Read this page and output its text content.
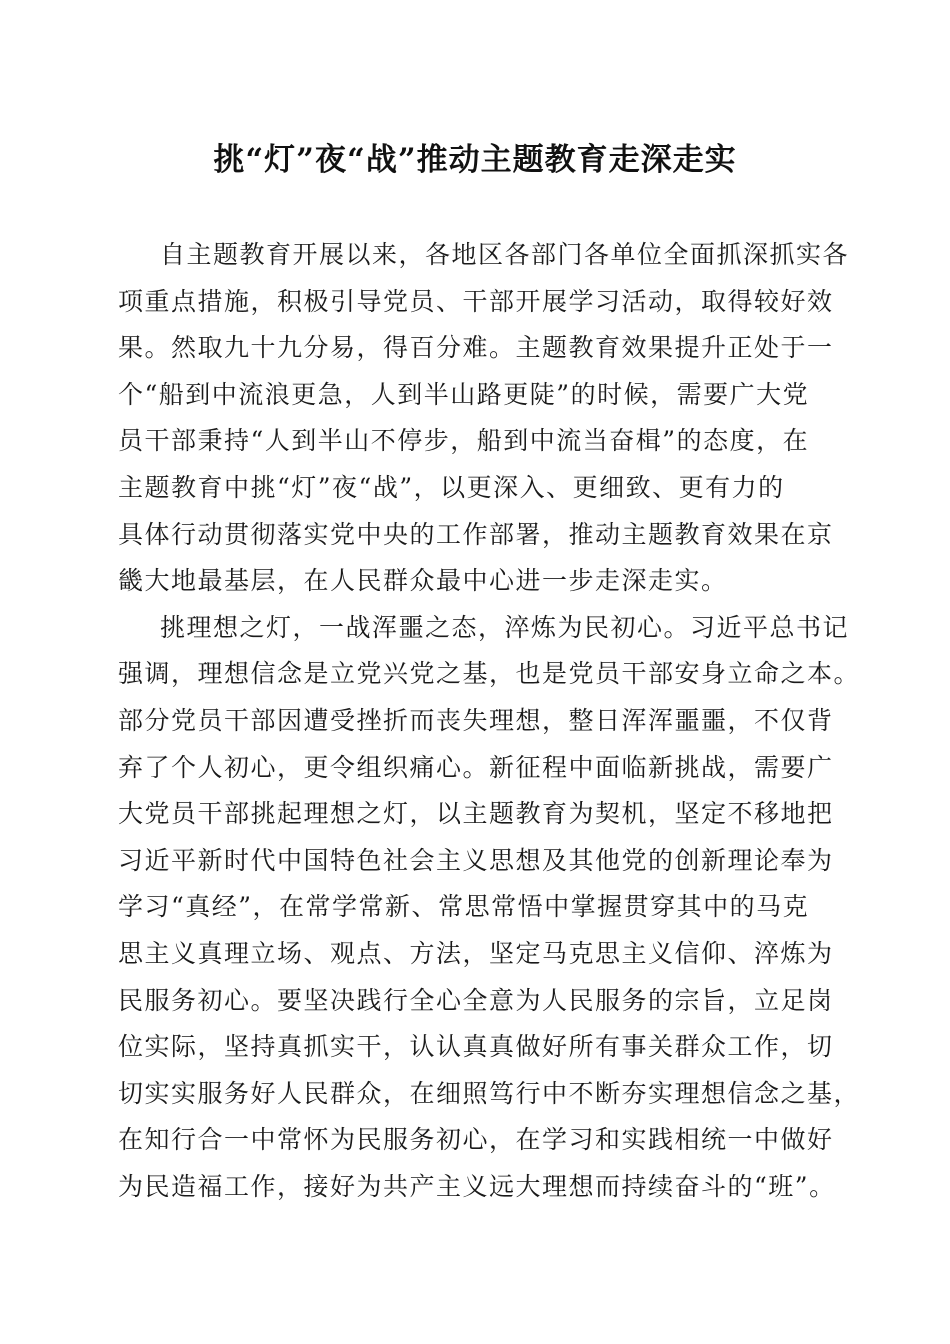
挑“灯”夜“战”推动主题教育走深走实
自主题教育开展以来，各地区各部门各单位全面抓深抓实各
项重点措施，积极引导党员、干部开展学习活动，取得较好效
果。然取九十九分易，得百分难。主题教育效果提升正处于一
个“船到中流浪更急，人到半山路更陡”的时候，需要广大党
员干部秉持“人到半山不停步，船到中流当奋楫”的态度，在
主题教育中挑“灯”夜“战”，以更深入、更细致、更有力的
具体行动贯彻落实党中央的工作部署，推动主题教育效果在京
畿大地最基层，在人民群众最中心进一步走深走实。
挑理想之灯，一战浑噩之态，淬炼为民初心。习近平总书记
强调，理想信念是立党兴党之基，也是党员干部安身立命之本。
部分党员干部因遭受挫折而丧失理想，整日浑浑噩噩，不仅背
弃了个人初心，更令组织痛心。新征程中面临新挑战，需要广
大党员干部挑起理想之灯，以主题教育为契机，坚定不移地把
习近平新时代中国特色社会主义思想及其他党的创新理论奉为
学习“真经”，在常学常新、常思常悟中掌握贯穿其中的马克
思主义真理立场、观点、方法，坚定马克思主义信仰、淬炼为
民服务初心。要坚决践行全心全意为人民服务的宗旨，立足岗
位实际，坚持真抓实干，认认真真做好所有事关群众工作，切
切实实服务好人民群众，在细照笃行中不断夯实理想信念之基，
在知行合一中常怀为民服务初心，在学习和实践相统一中做好
为民造福工作，接好为共产主义远大理想而持续奋斗的“班”。
